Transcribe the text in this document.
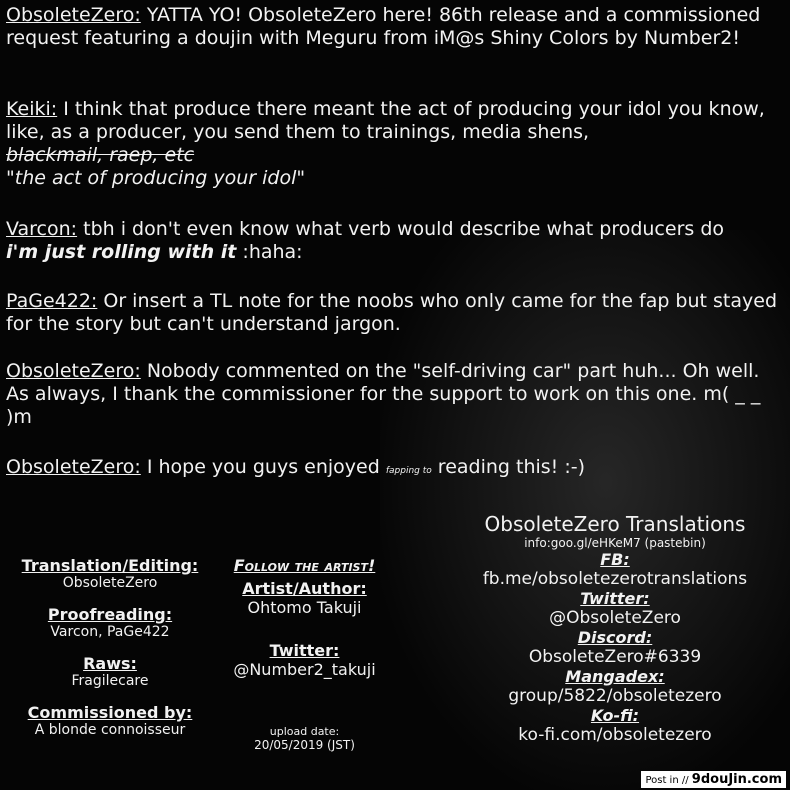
ObsoleteZero: YATTA YO! ObsoleteZero here! 86th release and a commissioned request featuring a doujin with Meguru from iM@s Shiny Colors by Number2!
Keiki: I think that produce there meant the act of producing your idol you know, like, as a producer, you send them to trainings, media shens,
blackmail, raep, etc
"the act of producing your idol"
Varcon: tbh i don't even know what verb would describe what producers do
i'm just rolling with it :haha:
PaGe422: Or insert a TL note for the noobs who only came for the fap but stayed for the story but can't understand jargon.
ObsoleteZero: Nobody commented on the "self-driving car" part huh... Oh well. As always, I thank the commissioner for the support to work on this one. m( _ _ )m
ObsoleteZero: I hope you guys enjoyed fapping to reading this! :-)
Translation/Editing:
ObsoleteZero
Proofreading:
Varcon, PaGe422
Raws:
Fragilecare
Commissioned by:
A blonde connoisseur
Follow the artist!
Artist/Author:
Ohtomo Takuji
Twitter:
@Number2_takuji
upload date:
20/05/2019 (JST)
ObsoleteZero Translations
info:goo.gl/eHKeM7 (pastebin)
FB:
fb.me/obsoletezerotranslations
Twitter:
@ObsoleteZero
Discord:
ObsoleteZero#6339
Mangadex:
group/5822/obsoletezero
Ko-fi:
ko-fi.com/obsoletezero
Post in // 9douJin.com
